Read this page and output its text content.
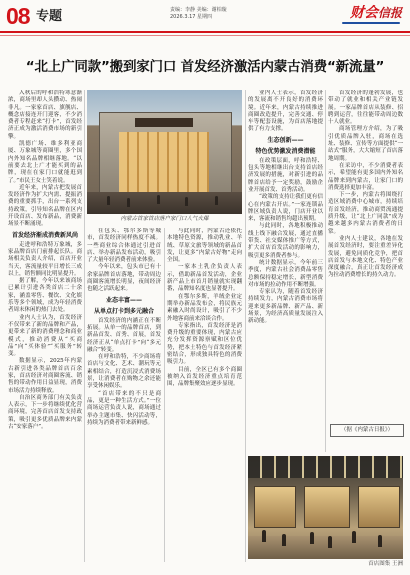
08 专题	责编：李静 美编：谢柏璇
2026.3.17 星期四	财会信报
“北上广同款”搬到家门口 首发经济激活内蒙古消费“新流量”

入秋后的呼和浩特寒意渐浓，商场里却人头攒动、热闹非凡。一家家首店、旗舰店、概念店接连开门迎客，不少消费者专程赶来“打卡”，首发经济正成为激活消费市场的新引擎。

凯德广场、维多利亚商厦、万象城等商圈里，多个国内外知名品牌相继落地。“以前要去北上广才能买到的品牌，现在在家门口就能逛到了。”市民王女士笑着说。

近年来，内蒙古把发展首发经济作为扩大内需、提振消费的重要抓手，出台一系列支持政策，引导知名品牌在区内开设首店、发布新品，消费新场景不断涌现。

首发经济渐成消费新风尚

走进呼和浩特万象城，多家品牌首店门前排起长队。商场相关负责人介绍，首店开业当天，客流量较平日增长三成以上，销售额同比明显提升。

据了解，今年以来该商场已累计引进各类首店二十余家，涵盖零售、餐饮、文化娱乐等多个领域，成为年轻消费者周末休闲的热门去处。

业内人士认为，首发经济不仅带来了新的品牌和产品，更带来了新的消费理念和商业模式，推动消费从“买商品”向“买体验”“买服务”转变。

数据显示，2025年内蒙古新引进各类品牌首店百余家，首店经济对商圈客流、销售的带动作用日益显现，消费市场活力持续释放。

自治区商务部门有关负责人表示，下一步将继续优化营商环境，完善首店首发支持政策，吸引更多优质品牌来内蒙古“安家落户”。

内蒙古首家首店落户家门口人气火爆

在包头、鄂尔多斯等城市，首发经济同样热度不减。一些商业综合体通过引进首店、举办新品发布活动，吸引了大量年轻消费者前来体验。

今年以来，包头市已有十余家品牌首店落地，带动周边商圈客流增长明显，夜间经济也随之活跃起来。

业态丰富——

从单点打卡到多元融合

首发经济的内涵正在不断拓展。从单一的品牌首店，到新品首发、首秀、首展，首发经济正从“单点打卡”向“多元融合”转变。

在呼和浩特，不少商场将首店与文化、艺术、潮玩等元素相结合，打造沉浸式消费场景，让消费者在购物之余还能享受休闲娱乐。

“首店带来的不只是商品，更是一种生活方式。”一位商场运营负责人说，商场通过举办主题市集、快闪活动等，持续为消费者带来新鲜感。

与此同时，内蒙古还依托本地特色资源，推动乳业、羊绒、草原文旅等领域的新品首发，让更多“内蒙古好物”走向全国。

一家本土乳企负责人表示，借助新品首发活动，企业新产品上市首月销量就实现翻番，品牌知名度也显著提升。

在鄂尔多斯，羊绒企业定期举办新品发布会，将民族元素融入时尚设计，吸引了不少外地客商前来洽谈合作。

专家指出，首发经济是消费升级的重要体现，内蒙古应充分发挥资源禀赋和区位优势，把本土特色与首发经济紧密结合，形成独具特色的消费吸引力。

目前，全区已有多个商圈被纳入首发经济重点培育范围，品牌集聚效应逐步显现。

业内人士表示，首发经济的发展离不开良好的消费环境。近年来，内蒙古持续推进商圈改造提升，完善交通、停车等配套设施，为首店落地提供了有力支撑。

生态创新——

特色优势激发消费潜能

在政策层面，呼和浩特、包头等地相继出台支持首店经济发展的措施，对新引进的品牌首店给予一定奖励，鼓励企业开展首发、首秀活动。

“政策的支持让我们更有信心在内蒙古开店。”一家连锁品牌区域负责人说，门店开业以来，客流和销售均超出预期。

与此同时，各地积极推动线上线下融合发展，通过直播带货、社交媒体推广等方式，扩大首店首发活动的影响力，吸引更多消费者参与。

统计数据显示，今年前三季度，内蒙古社会消费品零售总额保持稳定增长，新型消费对市场的拉动作用不断增强。

专家认为，随着首发经济持续发力，内蒙古消费市场将迎来更多新品牌、新产品、新场景，为经济高质量发展注入新动能。

首发经济的蓬勃发展，也带动了就业和相关产业链发展。一家品牌首店从装修、招聘到运营，往往能带动周边数十人就业。

商场管理方介绍，为了吸引优质品牌入驻，商场在选址、装修、宣传等方面提供“一站式”服务，大大缩短了首店落地周期。

在采访中，不少消费者表示，希望能有更多国内外知名品牌来到内蒙古，让家门口的消费选择更加丰富。

下一步，内蒙古将围绕打造区域消费中心城市，持续培育首发经济，推动商贸流通提质升级，让“北上广同款”成为越来越多内蒙古消费者的日常。

业内人士建议，各地在发展首发经济时，要注重差异化发展，避免同质化竞争，把首店首发与本地文化、特色产业深度融合，真正让首发经济成为拉动消费增长的持久动力。

（据《内蒙古日报》）
首店图集 王洲
